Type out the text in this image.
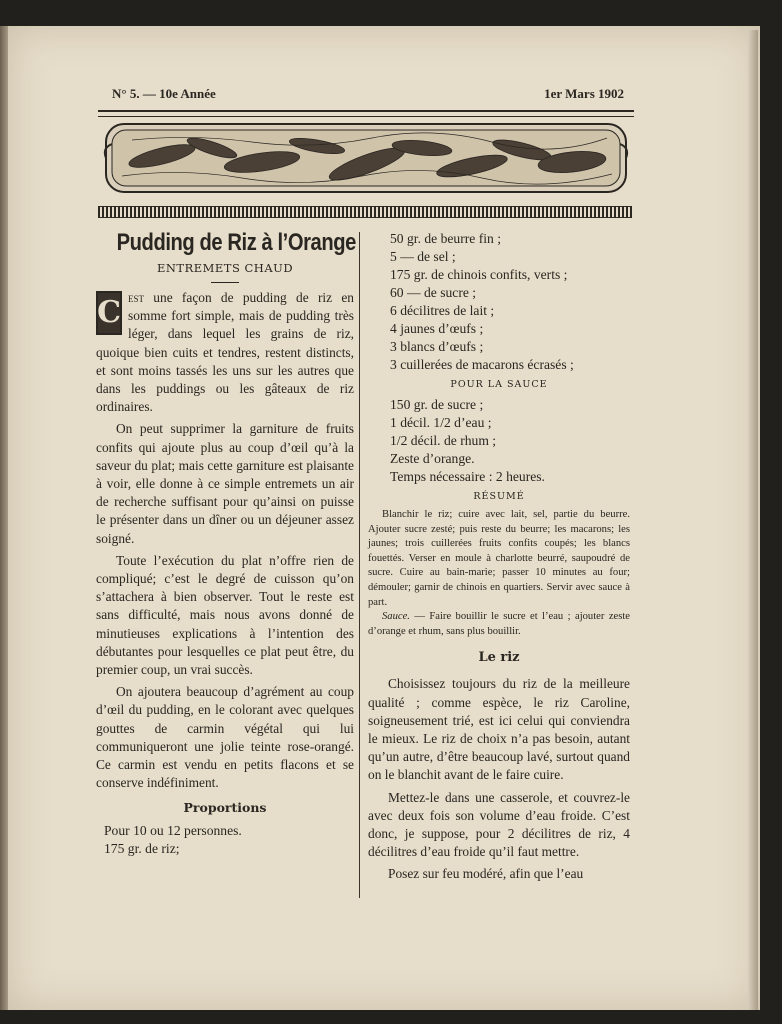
N° 5. — 10e Année	1er Mars 1902
Pudding de Riz à l’Orange
ENTREMETS CHAUD

C est une façon de pudding de riz en somme fort simple, mais de pudding très léger, dans lequel les grains de riz, quoique bien cuits et tendres, restent distincts, et sont moins tassés les uns sur les autres que dans les puddings ou les gâteaux de riz ordinaires.

On peut supprimer la garniture de fruits confits qui ajoute plus au coup d’œil qu’à la saveur du plat; mais cette garniture est plaisante à voir, elle donne à ce simple entremets un air de recherche suffisant pour qu’ainsi on puisse le présenter dans un dîner ou un déjeuner assez soigné.

Toute l’exécution du plat n’offre rien de compliqué; c’est le degré de cuisson qu’on s’attachera à bien observer. Tout le reste est sans difficulté, mais nous avons donné de minutieuses explications à l’intention des débutantes pour lesquelles ce plat peut être, du premier coup, un vrai succès.

On ajoutera beaucoup d’agrément au coup d’œil du pudding, en le colorant avec quelques gouttes de carmin végétal qui lui communiqueront une jolie teinte rose-orangé. Ce carmin est vendu en petits flacons et se conserve indéfiniment.

Proportions
Pour 10 ou 12 personnes.
175 gr. de riz;
50 gr. de beurre fin ;
5 — de sel ;
175 gr. de chinois confits, verts ;
60 — de sucre ;
6 décilitres de lait ;
4 jaunes d’œufs ;
3 blancs d’œufs ;
3 cuillerées de macarons écrasés ;
POUR LA SAUCE
150 gr. de sucre ;
1 décil. 1/2 d’eau ;
1/2 décil. de rhum ;
Zeste d’orange.
Temps nécessaire : 2 heures.
RÉSUMÉ

Blanchir le riz; cuire avec lait, sel, partie du beurre. Ajouter sucre zesté; puis reste du beurre; les macarons; les jaunes; trois cuillerées fruits confits coupés; les blancs fouettés. Verser en moule à charlotte beurré, saupoudré de sucre. Cuire au bain-marie; passer 10 minutes au four; démouler; garnir de chinois en quartiers. Servir avec sauce à part.

Sauce. — Faire bouillir le sucre et l’eau ; ajouter zeste d’orange et rhum, sans plus bouillir.

Le riz

Choisissez toujours du riz de la meilleure qualité ; comme espèce, le riz Caroline, soigneusement trié, est ici celui qui conviendra le mieux. Le riz de choix n’a pas besoin, autant qu’un autre, d’être beaucoup lavé, surtout quand on le blanchit avant de le faire cuire.

Mettez-le dans une casserole, et couvrez-le avec deux fois son volume d’eau froide. C’est donc, je suppose, pour 2 décilitres de riz, 4 décilitres d’eau froide qu’il faut mettre.

Posez sur feu modéré, afin que l’eau
